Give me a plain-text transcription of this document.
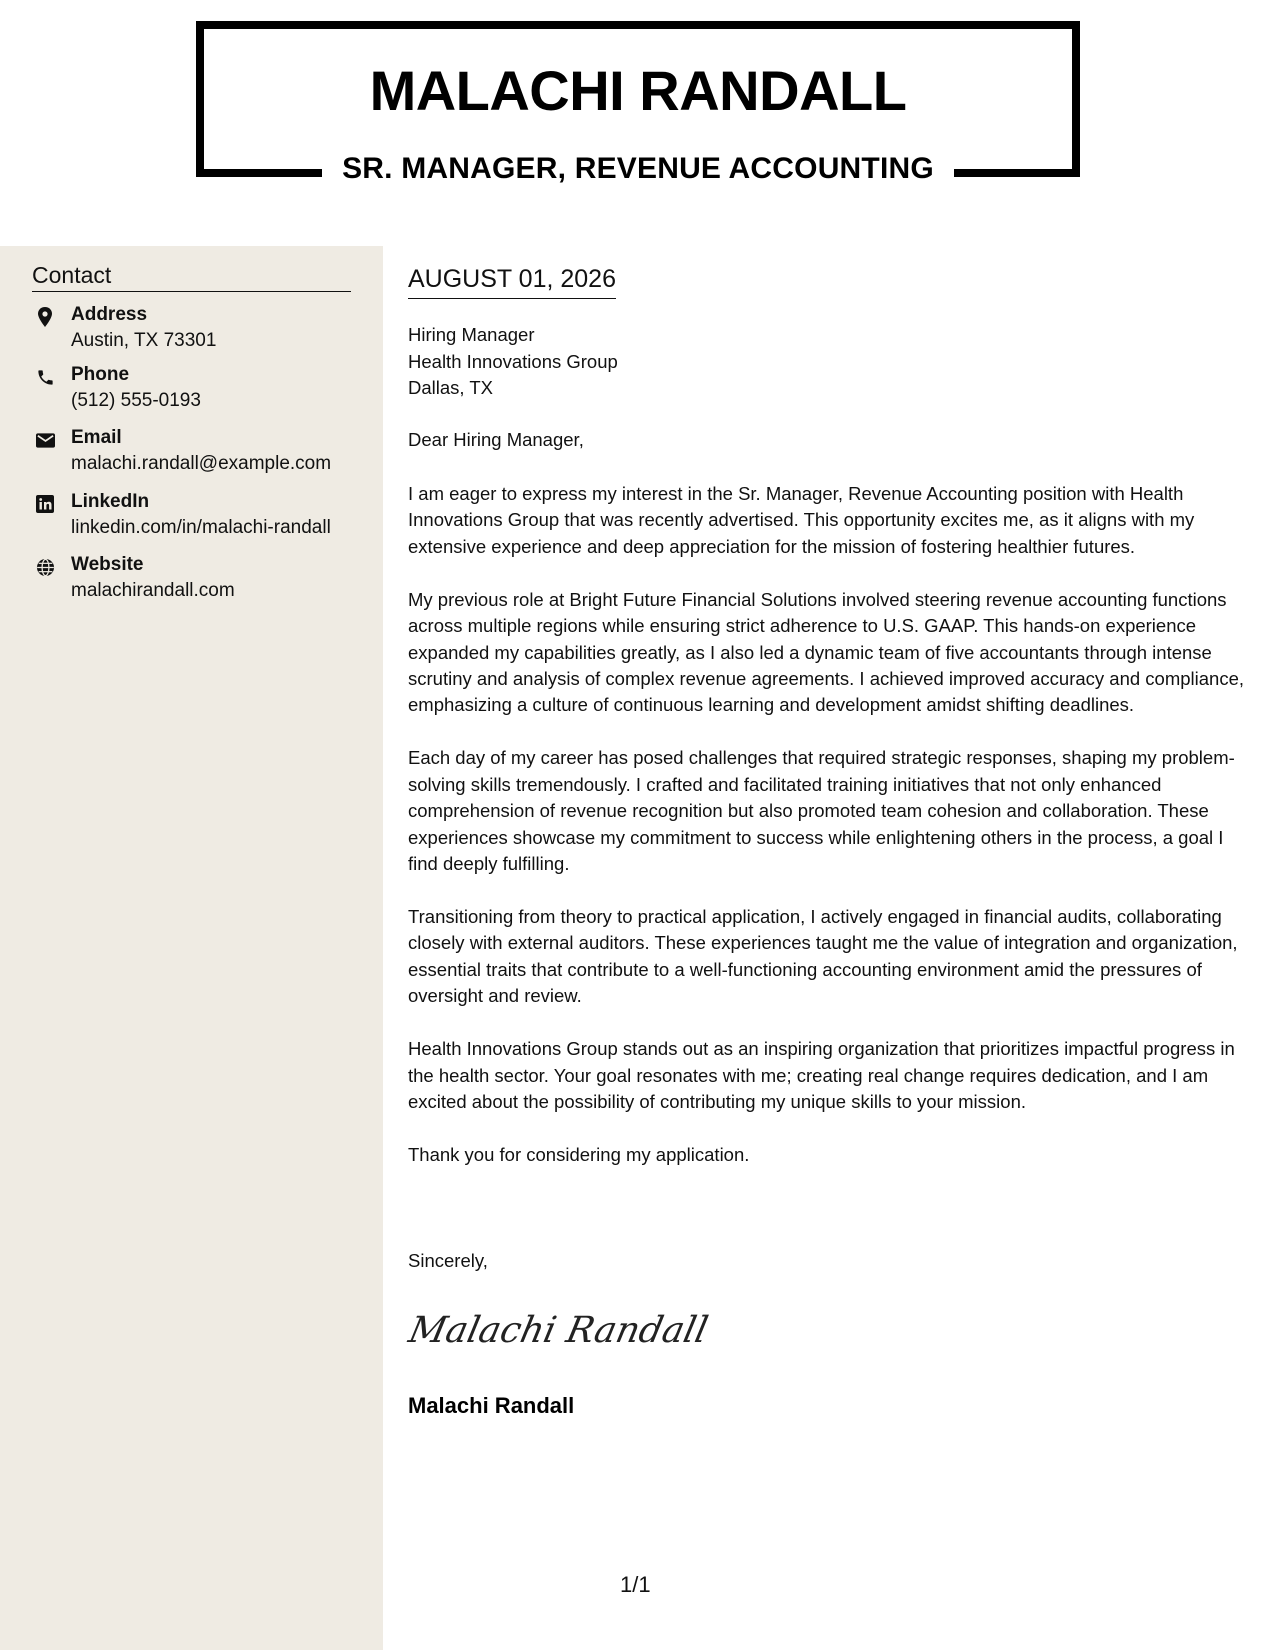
MALACHI RANDALL
SR. MANAGER, REVENUE ACCOUNTING
Contact
Address
Austin, TX 73301
Phone
(512) 555-0193
Email
malachi.randall@example.com
LinkedIn
linkedin.com/in/malachi-randall
Website
malachirandall.com
AUGUST 01, 2026
Hiring Manager
Health Innovations Group
Dallas, TX
Dear Hiring Manager,

I am eager to express my interest in the Sr. Manager, Revenue Accounting position with Health Innovations Group that was recently advertised. This opportunity excites me, as it aligns with my extensive experience and deep appreciation for the mission of fostering healthier futures.

My previous role at Bright Future Financial Solutions involved steering revenue accounting functions across multiple regions while ensuring strict adherence to U.S. GAAP. This hands-on experience expanded my capabilities greatly, as I also led a dynamic team of five accountants through intense scrutiny and analysis of complex revenue agreements. I achieved improved accuracy and compliance, emphasizing a culture of continuous learning and development amidst shifting deadlines.

Each day of my career has posed challenges that required strategic responses, shaping my problem-solving skills tremendously. I crafted and facilitated training initiatives that not only enhanced comprehension of revenue recognition but also promoted team cohesion and collaboration. These experiences showcase my commitment to success while enlightening others in the process, a goal I find deeply fulfilling.

Transitioning from theory to practical application, I actively engaged in financial audits, collaborating closely with external auditors. These experiences taught me the value of integration and organization, essential traits that contribute to a well-functioning accounting environment amid the pressures of oversight and review.

Health Innovations Group stands out as an inspiring organization that prioritizes impactful progress in the health sector. Your goal resonates with me; creating real change requires dedication, and I am excited about the possibility of contributing my unique skills to your mission.

Thank you for considering my application.

Sincerely,
Malachi Randall
Malachi Randall
1/1
